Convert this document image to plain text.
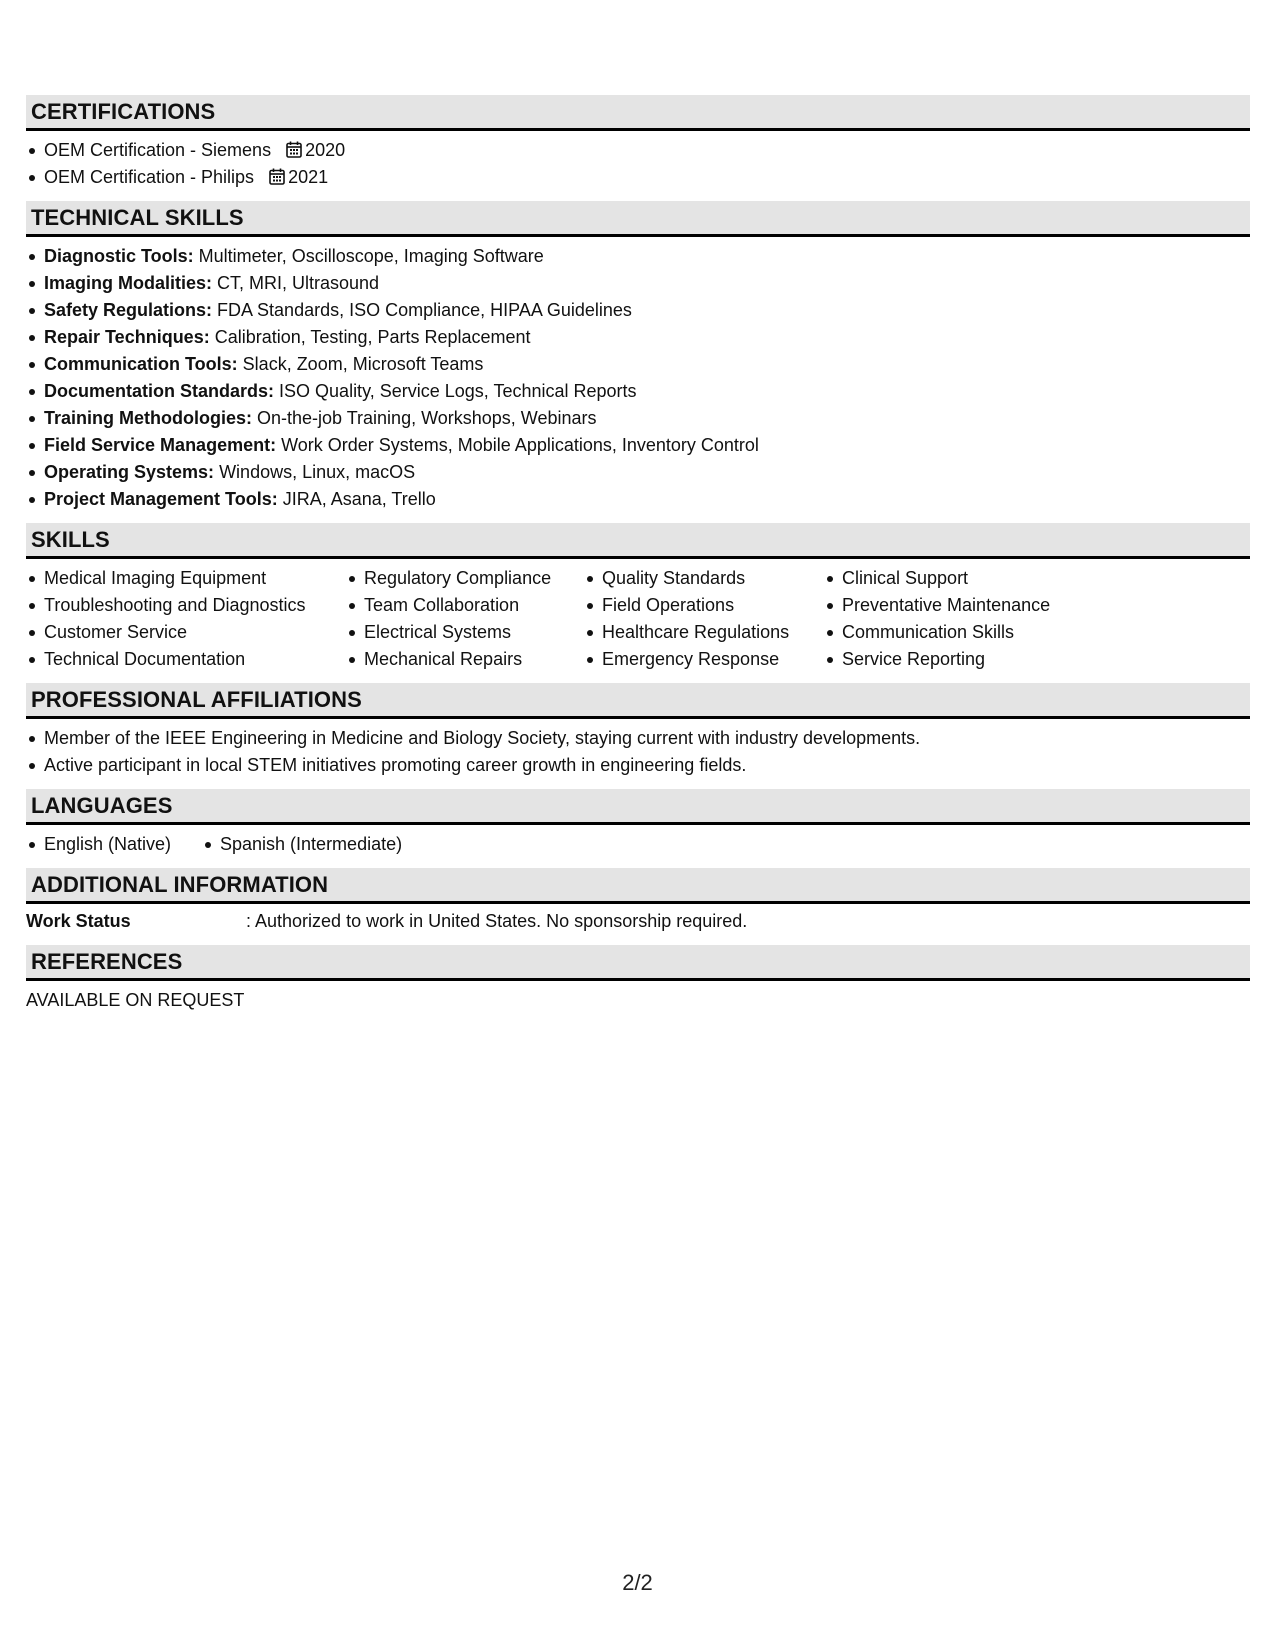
CERTIFICATIONS
OEM Certification - Siemens 2020
OEM Certification - Philips 2021
TECHNICAL SKILLS
Diagnostic Tools: Multimeter, Oscilloscope, Imaging Software
Imaging Modalities: CT, MRI, Ultrasound
Safety Regulations: FDA Standards, ISO Compliance, HIPAA Guidelines
Repair Techniques: Calibration, Testing, Parts Replacement
Communication Tools: Slack, Zoom, Microsoft Teams
Documentation Standards: ISO Quality, Service Logs, Technical Reports
Training Methodologies: On-the-job Training, Workshops, Webinars
Field Service Management: Work Order Systems, Mobile Applications, Inventory Control
Operating Systems: Windows, Linux, macOS
Project Management Tools: JIRA, Asana, Trello
SKILLS
Medical Imaging Equipment
Troubleshooting and Diagnostics
Customer Service
Technical Documentation
Regulatory Compliance
Team Collaboration
Electrical Systems
Mechanical Repairs
Quality Standards
Field Operations
Healthcare Regulations
Emergency Response
Clinical Support
Preventative Maintenance
Communication Skills
Service Reporting
PROFESSIONAL AFFILIATIONS
Member of the IEEE Engineering in Medicine and Biology Society, staying current with industry developments.
Active participant in local STEM initiatives promoting career growth in engineering fields.
LANGUAGES
English (Native)	Spanish (Intermediate)
ADDITIONAL INFORMATION
Work Status	: Authorized to work in United States. No sponsorship required.
REFERENCES
AVAILABLE ON REQUEST
2/2
